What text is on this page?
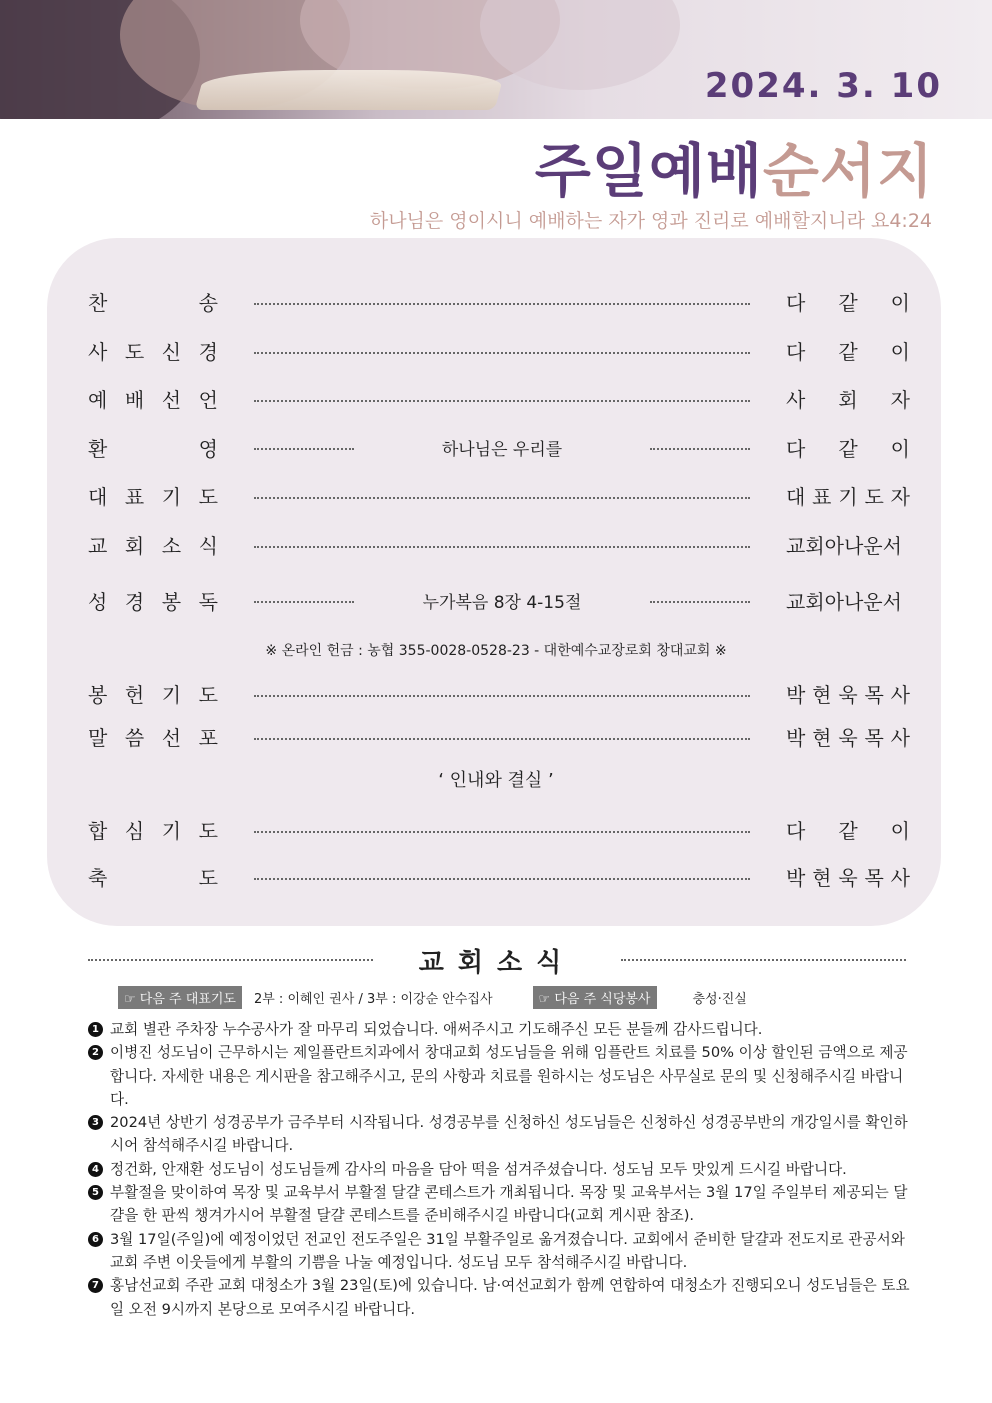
2024. 3. 10
주일예배순서지
하나님은 영이시니 예배하는 자가 영과 진리로 예배할지니라 요4:24
찬	송	다 같 이
사 도 신 경	다 같 이
예 배 선 언	사 회 자
환	영	하나님은 우리를	다 같 이
대 표 기 도	대 표 기 도 자
교 회 소 식	교회아나운서
성 경 봉 독	누가복음 8장 4-15절	교회아나운서
봉 헌 기 도	박 현 욱 목 사
말 씀 선 포	박 현 욱 목 사
합 심 기 도	다 같 이
축	도	박 현 욱 목 사
※ 온라인 헌금 : 농협 355-0028-0528-23 - 대한예수교장로회 창대교회 ※
‘ 인내와 결실 ’
교회소식
☞ 다음 주 대표기도	2부 : 이혜인 권사 / 3부 : 이강순 안수집사	☞ 다음 주 식당봉사	충성·진실
1 교회 별관 주차장 누수공사가 잘 마무리 되었습니다. 애써주시고 기도해주신 모든 분들께 감사드립니다.
2 이병진 성도님이 근무하시는 제일플란트치과에서 창대교회 성도님들을 위해 임플란트 치료를 50% 이상 할인된 금액으로 제공합니다. 자세한 내용은 게시판을 참고해주시고, 문의 사항과 치료를 원하시는 성도님은 사무실로 문의 및 신청해주시길 바랍니다.
3 2024년 상반기 성경공부가 금주부터 시작됩니다. 성경공부를 신청하신 성도님들은 신청하신 성경공부반의 개강일시를 확인하시어 참석해주시길 바랍니다.
4 정건화, 안재환 성도님이 성도님들께 감사의 마음을 담아 떡을 섬겨주셨습니다. 성도님 모두 맛있게 드시길 바랍니다.
5 부활절을 맞이하여 목장 및 교육부서 부활절 달걀 콘테스트가 개최됩니다. 목장 및 교육부서는 3월 17일 주일부터 제공되는 달걀을 한 판씩 챙겨가시어 부활절 달걀 콘테스트를 준비해주시길 바랍니다(교회 게시판 참조).
6 3월 17일(주일)에 예정이었던 전교인 전도주일은 31일 부활주일로 옮겨졌습니다. 교회에서 준비한 달걀과 전도지로 관공서와 교회 주변 이웃들에게 부활의 기쁨을 나눌 예정입니다. 성도님 모두 참석해주시길 바랍니다.
7 홍남선교회 주관 교회 대청소가 3월 23일(토)에 있습니다. 남·여선교회가 함께 연합하여 대청소가 진행되오니 성도님들은 토요일 오전 9시까지 본당으로 모여주시길 바랍니다.
